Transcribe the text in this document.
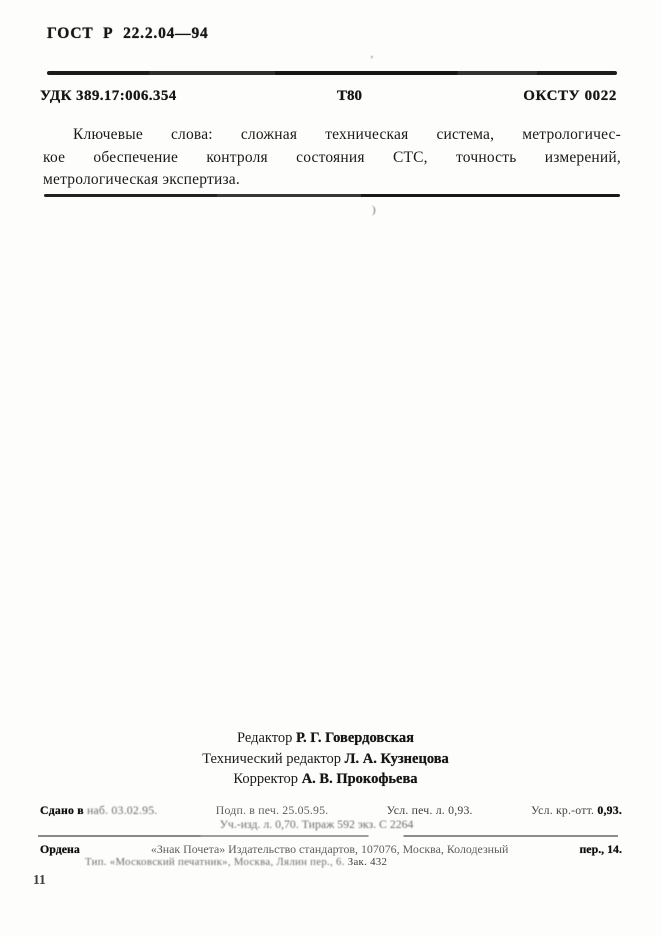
ГОСТ Р 22.2.04—94
’
УДК 389.17:006.354	Т80	ОКСТУ 0022
Ключевые слова: сложная техническая система, метрологичес-
кое обеспечение контроля состояния СТС, точность измерений,
метрологическая экспертиза.
)
Редактор Р. Г. Говердовская
Технический редактор Л. А. Кузнецова
Корректор А. В. Прокофьева
Сдано в наб. 03.02.95.	Подп. в печ. 25.05.95.	Усл. печ. л. 0,93.	Усл. кр.-отт. 0,93.
Уч.-изд. л. 0,70. Тираж 592 экз. С 2264
Ордена	«Знак Почета» Издательство стандартов, 107076, Москва, Колодезный	пер., 14.
Тип. «Московский печатник», Москва, Лялин пер., 6. Зак. 432
11
